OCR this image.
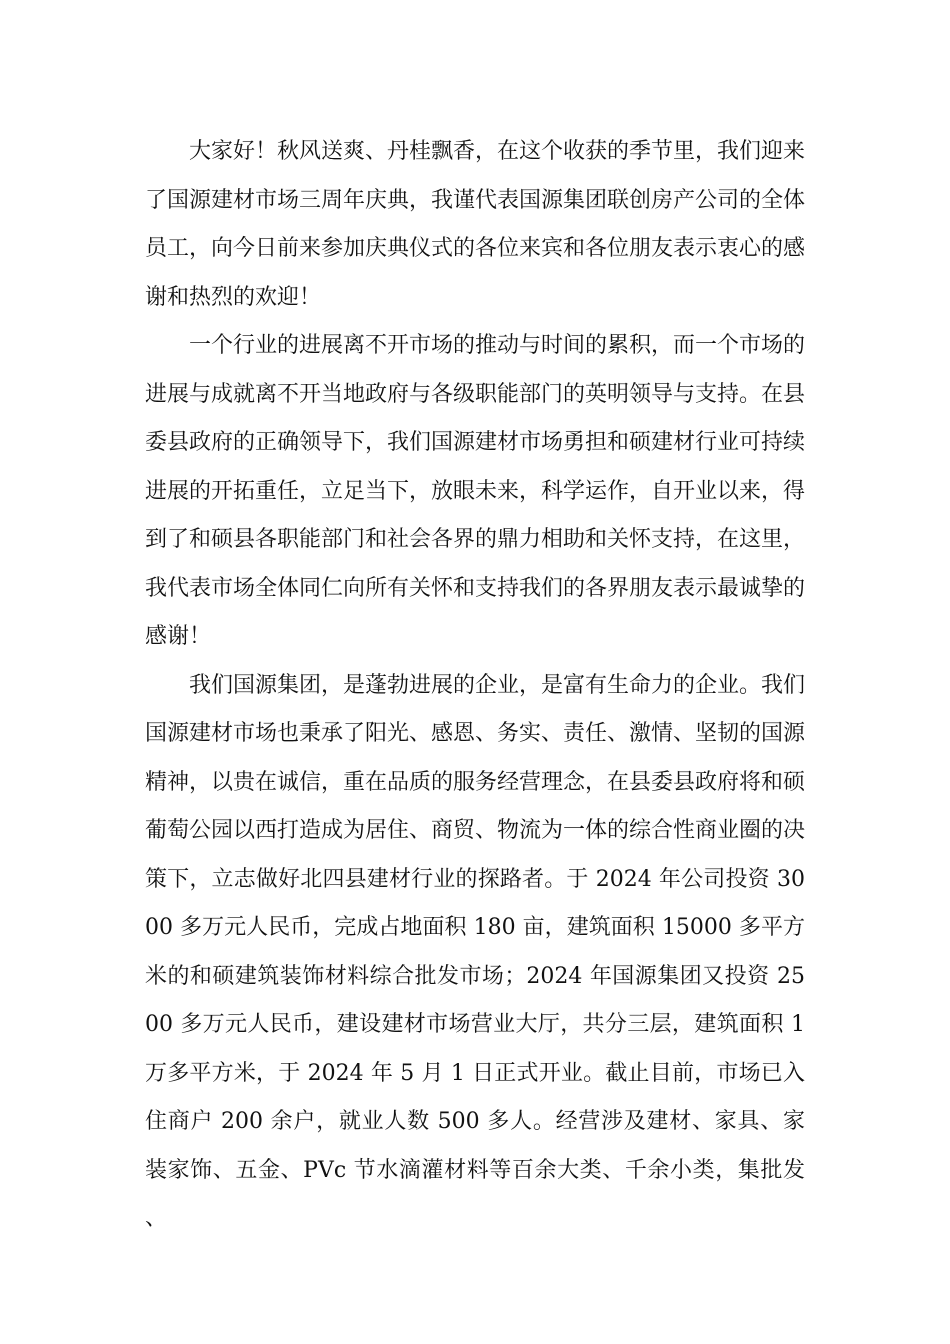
大家好！秋风送爽、丹桂飘香，在这个收获的季节里，我们迎来了国源建材市场三周年庆典，我谨代表国源集团联创房产公司的全体员工，向今日前来参加庆典仪式的各位来宾和各位朋友表示衷心的感谢和热烈的欢迎！

一个行业的进展离不开市场的推动与时间的累积，而一个市场的进展与成就离不开当地政府与各级职能部门的英明领导与支持。在县委县政府的正确领导下，我们国源建材市场勇担和硕建材行业可持续进展的开拓重任，立足当下，放眼未来，科学运作，自开业以来，得到了和硕县各职能部门和社会各界的鼎力相助和关怀支持，在这里，我代表市场全体同仁向所有关怀和支持我们的各界朋友表示最诚挚的感谢！

我们国源集团，是蓬勃进展的企业，是富有生命力的企业。我们国源建材市场也秉承了阳光、感恩、务实、责任、激情、坚韧的国源精神，以贵在诚信，重在品质的服务经营理念，在县委县政府将和硕葡萄公园以西打造成为居住、商贸、物流为一体的综合性商业圈的决策下，立志做好北四县建材行业的探路者。于 2024 年公司投资 3000 多万元人民币，完成占地面积 180 亩，建筑面积 15000 多平方米的和硕建筑装饰材料综合批发市场；2024 年国源集团又投资 2500 多万元人民币，建设建材市场营业大厅，共分三层，建筑面积 1 万多平方米，于 2024 年 5 月 1 日正式开业。截止目前，市场已入住商户 200 余户，就业人数 500 多人。经营涉及建材、家具、家装家饰、五金、PVc 节水滴灌材料等百余大类、千余小类，集批发、
